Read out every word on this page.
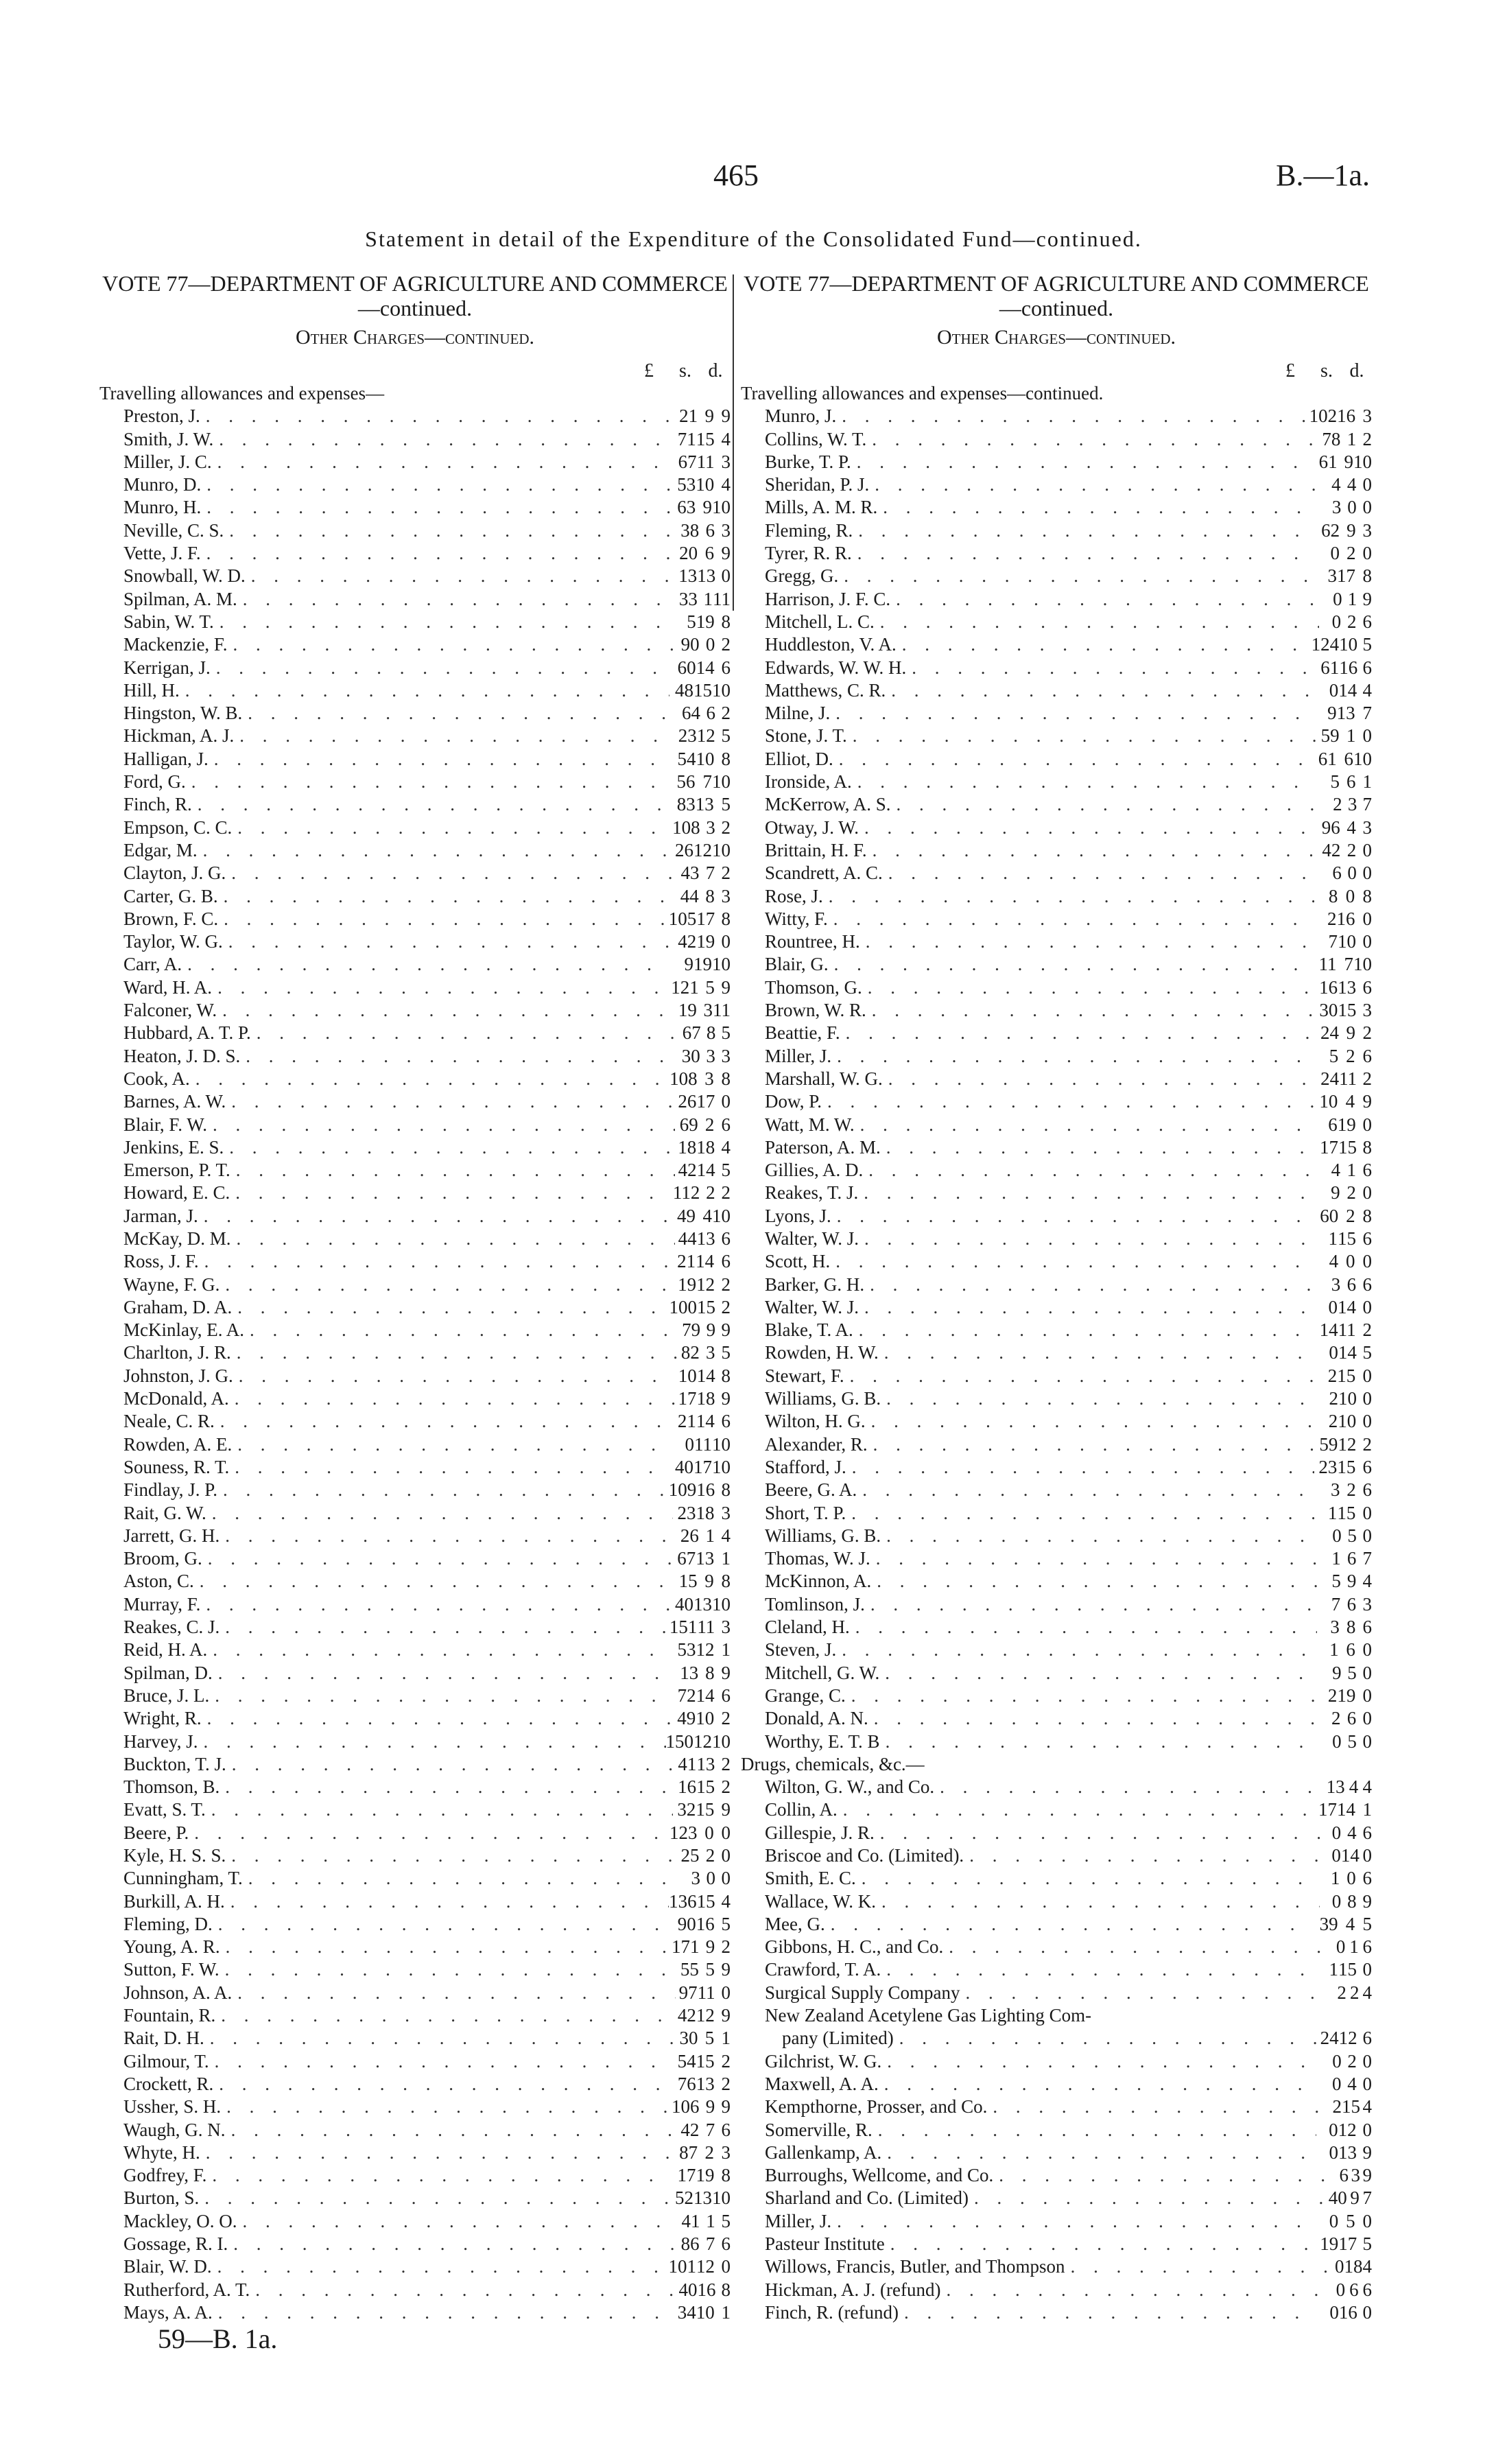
465	B.—1a.
Statement in detail of the Expenditure of the Consolidated Fund—continued.
VOTE 77—DEPARTMENT OF AGRICULTURE AND COMMERCE—continued.
Other Charges—continued.
£	s. d.
Travelling allowances and expenses—
Preston, J. . . .	21 9 9
Smith, J. W. . . .	71 15 4
Miller, J. C. . . .	67 11 3
Munro, D. . . .	53 10 4
Munro, H. . . .	63 9 10
Neville, C. S. . . .	38 6 3
Vette, J. F. . . .	20 6 9
Snowball, W. D. . . .	13 13 0
Spilman, A. M. . . .	33 1 11
Sabin, W. T. . . .	5 19 8
Mackenzie, F. . . .	90 0 2
Kerrigan, J. . . .	60 14 6
Hill, H. . . .	48 15 10
Hingston, W. B. . . .	64 6 2
Hickman, A. J. . . .	23 12 5
Halligan, J. . . .	54 10 8
Ford, G. . . .	56 7 10
Finch, R. . . .	83 13 5
Empson, C. C. . . .	108 3 2
Edgar, M. . . .	26 12 10
Clayton, J. G. . . .	43 7 2
Carter, G. B. . . .	44 8 3
Brown, F. C. . . .	105 17 8
Taylor, W. G. . . .	42 19 0
Carr, A. . . .	9 19 10
Ward, H. A. . . .	121 5 9
Falconer, W. . . .	19 3 11
Hubbard, A. T. P. . . .	67 8 5
Heaton, J. D. S. . . .	30 3 3
Cook, A. . . .	108 3 8
Barnes, A. W. . . .	26 17 0
Blair, F. W. . . .	69 2 6
Jenkins, E. S. . . .	18 18 4
Emerson, P. T. . . .	42 14 5
Howard, E. C. . . .	112 2 2
Jarman, J. . . .	49 4 10
McKay, D. M. . . .	44 13 6
Ross, J. F. . . .	21 14 6
Wayne, F. G. . . .	19 12 2
Graham, D. A. . . .	100 15 2
McKinlay, E. A. . . .	79 9 9
Charlton, J. R. . . .	82 3 5
Johnston, J. G. . . .	10 14 8
McDonald, A. . . .	17 18 9
Neale, C. R. . . .	21 14 6
Rowden, A. E. . . .	0 11 10
Souness, R. T. . . .	40 17 10
Findlay, J. P. . . .	109 16 8
Rait, G. W. . . .	23 18 3
Jarrett, G. H. . . .	26 1 4
Broom, G. . . .	67 13 1
Aston, C. . . .	15 9 8
Murray, F. . . .	40 13 10
Reakes, C. J. . . .	151 11 3
Reid, H. A. . . .	53 12 1
Spilman, D. . . .	13 8 9
Bruce, J. L. . . .	72 14 6
Wright, R. . . .	49 10 2
Harvey, J. . . .	150 12 10
Buckton, T. J. . . .	41 13 2
Thomson, B. . . .	16 15 2
Evatt, S. T. . . .	32 15 9
Beere, P. . . .	123 0 0
Kyle, H. S. S. . . .	25 2 0
Cunningham, T. . . .	3 0 0
Burkill, A. H. . . .	136 15 4
Fleming, D. . . .	90 16 5
Young, A. R. . . .	171 9 2
Sutton, F. W. . . .	55 5 9
Johnson, A. A. . . .	97 11 0
Fountain, R. . . .	42 12 9
Rait, D. H. . . .	30 5 1
Gilmour, T. . . .	54 15 2
Crockett, R. . . .	76 13 2
Ussher, S. H. . . .	106 9 9
Waugh, G. N. . . .	42 7 6
Whyte, H. . . .	87 2 3
Godfrey, F. . . .	17 19 8
Burton, S. . . .	52 13 10
Mackley, O. O. . . .	41 1 5
Gossage, R. I. . . .	86 7 6
Blair, W. D. . . .	101 12 0
Rutherford, A. T. . . .	40 16 8
Mays, A. A. . . .	34 10 1
VOTE 77—DEPARTMENT OF AGRICULTURE AND COMMERCE—continued.
Other Charges—continued.
£	s. d.
Travelling allowances and expenses—continued.
Munro, J. . . .	102 16 3
Collins, W. T. . . .	78 1 2
Burke, T. P. . . .	61 9 10
Sheridan, P. J. . . .	4 4 0
Mills, A. M. R. . . .	3 0 0
Fleming, R. . . .	62 9 3
Tyrer, R. R. . . .	0 2 0
Gregg, G. . . .	3 17 8
Harrison, J. F. C. . . .	0 1 9
Mitchell, L. C. . . .	0 2 6
Huddleston, V. A. . . .	124 10 5
Edwards, W. W. H. . . .	61 16 6
Matthews, C. R. . . .	0 14 4
Milne, J. . . .	9 13 7
Stone, J. T. . . .	59 1 0
Elliot, D. . . .	61 6 10
Ironside, A. . . .	5 6 1
McKerrow, A. S. . . .	2 3 7
Otway, J. W. . . .	96 4 3
Brittain, H. F. . . .	42 2 0
Scandrett, A. C. . . .	6 0 0
Rose, J. . . .	8 0 8
Witty, F. . . .	2 16 0
Rountree, H. . . .	7 10 0
Blair, G. . . .	11 7 10
Thomson, G. . . .	16 13 6
Brown, W. R. . . .	30 15 3
Beattie, F. . . .	24 9 2
Miller, J. . . .	5 2 6
Marshall, W. G. . . .	24 11 2
Dow, P. . . .	10 4 9
Watt, M. W. . . .	6 19 0
Paterson, A. M. . . .	17 15 8
Gillies, A. D. . . .	4 1 6
Reakes, T. J. . . .	9 2 0
Lyons, J. . . .	60 2 8
Walter, W. J. . . .	1 15 6
Scott, H. . . .	4 0 0
Barker, G. H. . . .	3 6 6
Walter, W. J. . . .	0 14 0
Blake, T. A. . . .	14 11 2
Rowden, H. W. . . .	0 14 5
Stewart, F. . . .	2 15 0
Williams, G. B. . . .	2 10 0
Wilton, H. G. . . .	2 10 0
Alexander, R. . . .	59 12 2
Stafford, J. . . .	23 15 6
Beere, G. A. . . .	3 2 6
Short, T. P. . . .	1 15 0
Williams, G. B. . . .	0 5 0
Thomas, W. J. . . .	1 6 7
McKinnon, A. . . .	5 9 4
Tomlinson, J. . . .	7 6 3
Cleland, H. . . .	3 8 6
Steven, J. . . .	1 6 0
Mitchell, G. W. . . .	9 5 0
Grange, C. . . .	2 19 0
Donald, A. N. . . .	2 6 0
Worthy, E. T. B . . .	0 5 0
Drugs, chemicals, &c.—
Wilton, G. W., and Co. . . .	13 4 4
Collin, A. . . .	17 14 1
Gillespie, J. R. . . .	0 4 6
Briscoe and Co. (Limited). . . .	0 14 0
Smith, E. C. . . .	1 0 6
Wallace, W. K. . . .	0 8 9
Mee, G. . . .	39 4 5
Gibbons, H. C., and Co. . . .	0 1 6
Crawford, T. A. . . .	1 15 0
Surgical Supply Company . . .	2 2 4
New Zealand Acetylene Gas Lighting Com-
pany (Limited) . . .	24 12 6
Gilchrist, W. G. . . .	0 2 0
Maxwell, A. A. . . .	0 4 0
Kempthorne, Prosser, and Co. . . .	2 15 4
Somerville, R. . . .	0 12 0
Gallenkamp, A. . . .	0 13 9
Burroughs, Wellcome, and Co. . . .	6 3 9
Sharland and Co. (Limited) . . .	40 9 7
Miller, J. . . .	0 5 0
Pasteur Institute . . .	19 17 5
Willows, Francis, Butler, and Thompson . . .	0 18 4
Hickman, A. J. (refund) . . .	0 6 6
Finch, R. (refund) . . .	0 16 0
59—B. 1a.
